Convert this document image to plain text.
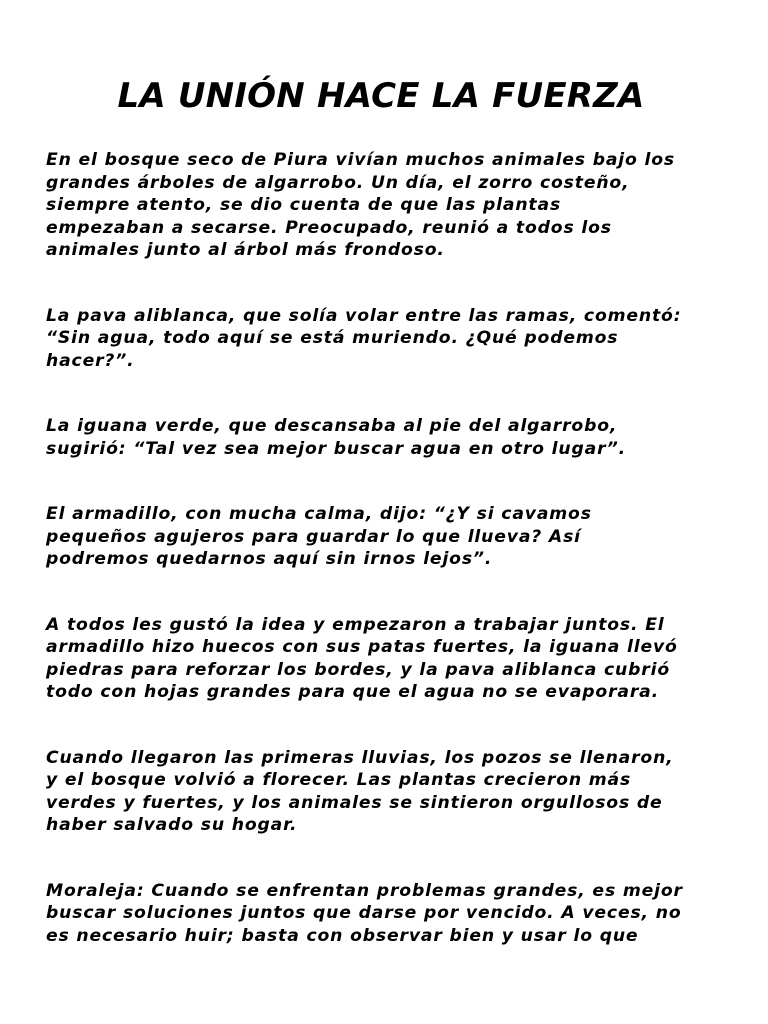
LA UNIÓN HACE LA FUERZA

En el bosque seco de Piura vivían muchos animales bajo los
grandes árboles de algarrobo. Un día, el zorro costeño,
siempre atento, se dio cuenta de que las plantas
empezaban a secarse. Preocupado, reunió a todos los
animales junto al árbol más frondoso.

La pava aliblanca, que solía volar entre las ramas, comentó:
“Sin agua, todo aquí se está muriendo. ¿Qué podemos
hacer?”.

La iguana verde, que descansaba al pie del algarrobo,
sugirió: “Tal vez sea mejor buscar agua en otro lugar”.

El armadillo, con mucha calma, dijo: “¿Y si cavamos
pequeños agujeros para guardar lo que llueva? Así
podremos quedarnos aquí sin irnos lejos”.

A todos les gustó la idea y empezaron a trabajar juntos. El
armadillo hizo huecos con sus patas fuertes, la iguana llevó
piedras para reforzar los bordes, y la pava aliblanca cubrió
todo con hojas grandes para que el agua no se evaporara.

Cuando llegaron las primeras lluvias, los pozos se llenaron,
y el bosque volvió a florecer. Las plantas crecieron más
verdes y fuertes, y los animales se sintieron orgullosos de
haber salvado su hogar.

Moraleja: Cuando se enfrentan problemas grandes, es mejor
buscar soluciones juntos que darse por vencido. A veces, no
es necesario huir; basta con observar bien y usar lo que
